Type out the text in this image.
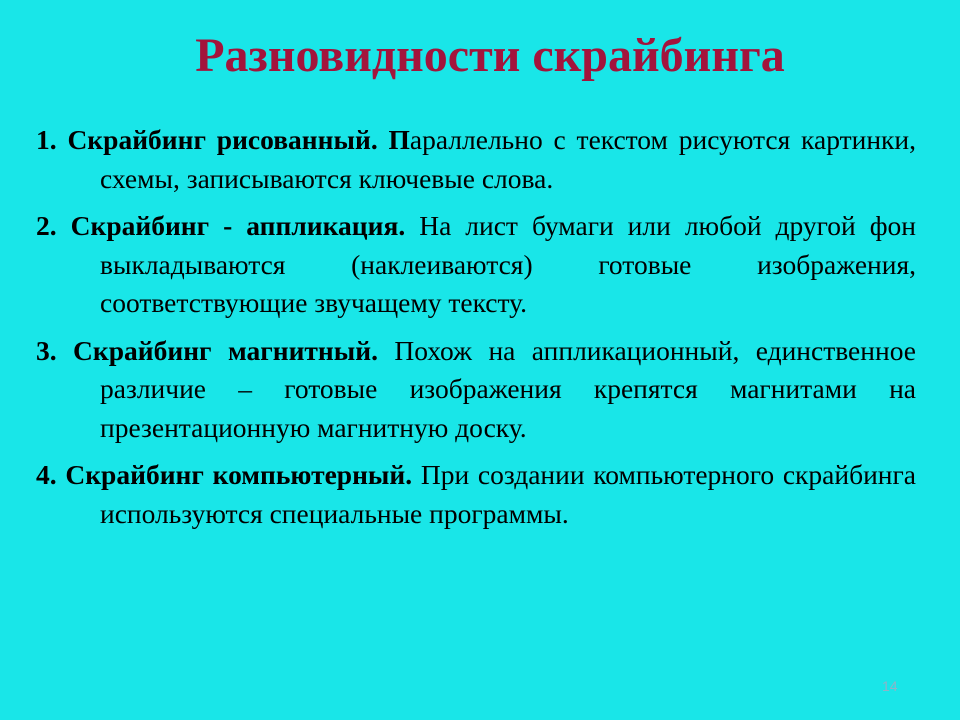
Разновидности скрайбинга
1. Скрайбинг рисованный. Параллельно с текстом рисуются картинки, схемы, записываются ключевые слова.
2. Скрайбинг - аппликация. На лист бумаги или любой другой фон выкладываются (наклеиваются) готовые изображения, соответствующие звучащему тексту.
3. Скрайбинг магнитный. Похож на аппликационный, единственное различие – готовые изображения крепятся магнитами на презентационную магнитную доску.
4. Скрайбинг компьютерный. При создании компьютерного скрайбинга используются специальные программы.
14
